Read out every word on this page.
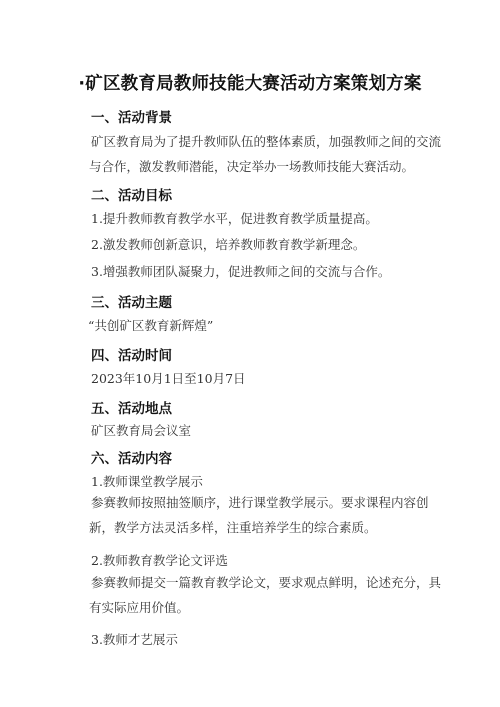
·矿区教育局教师技能大赛活动方案策划方案
一、活动背景
矿区教育局为了提升教师队伍的整体素质，加强教师之间的交流
与合作，激发教师潜能，决定举办一场教师技能大赛活动。
二、活动目标
1.提升教师教育教学水平，促进教育教学质量提高。
2.激发教师创新意识，培养教师教育教学新理念。
3.增强教师团队凝聚力，促进教师之间的交流与合作。
三、活动主题
“共创矿区教育新辉煌”
四、活动时间
2023年10月1日至10月7日
五、活动地点
矿区教育局会议室
六、活动内容
1.教师课堂教学展示
参赛教师按照抽签顺序，进行课堂教学展示。要求课程内容创
新，教学方法灵活多样，注重培养学生的综合素质。
2.教师教育教学论文评选
参赛教师提交一篇教育教学论文，要求观点鲜明，论述充分，具
有实际应用价值。
3.教师才艺展示
